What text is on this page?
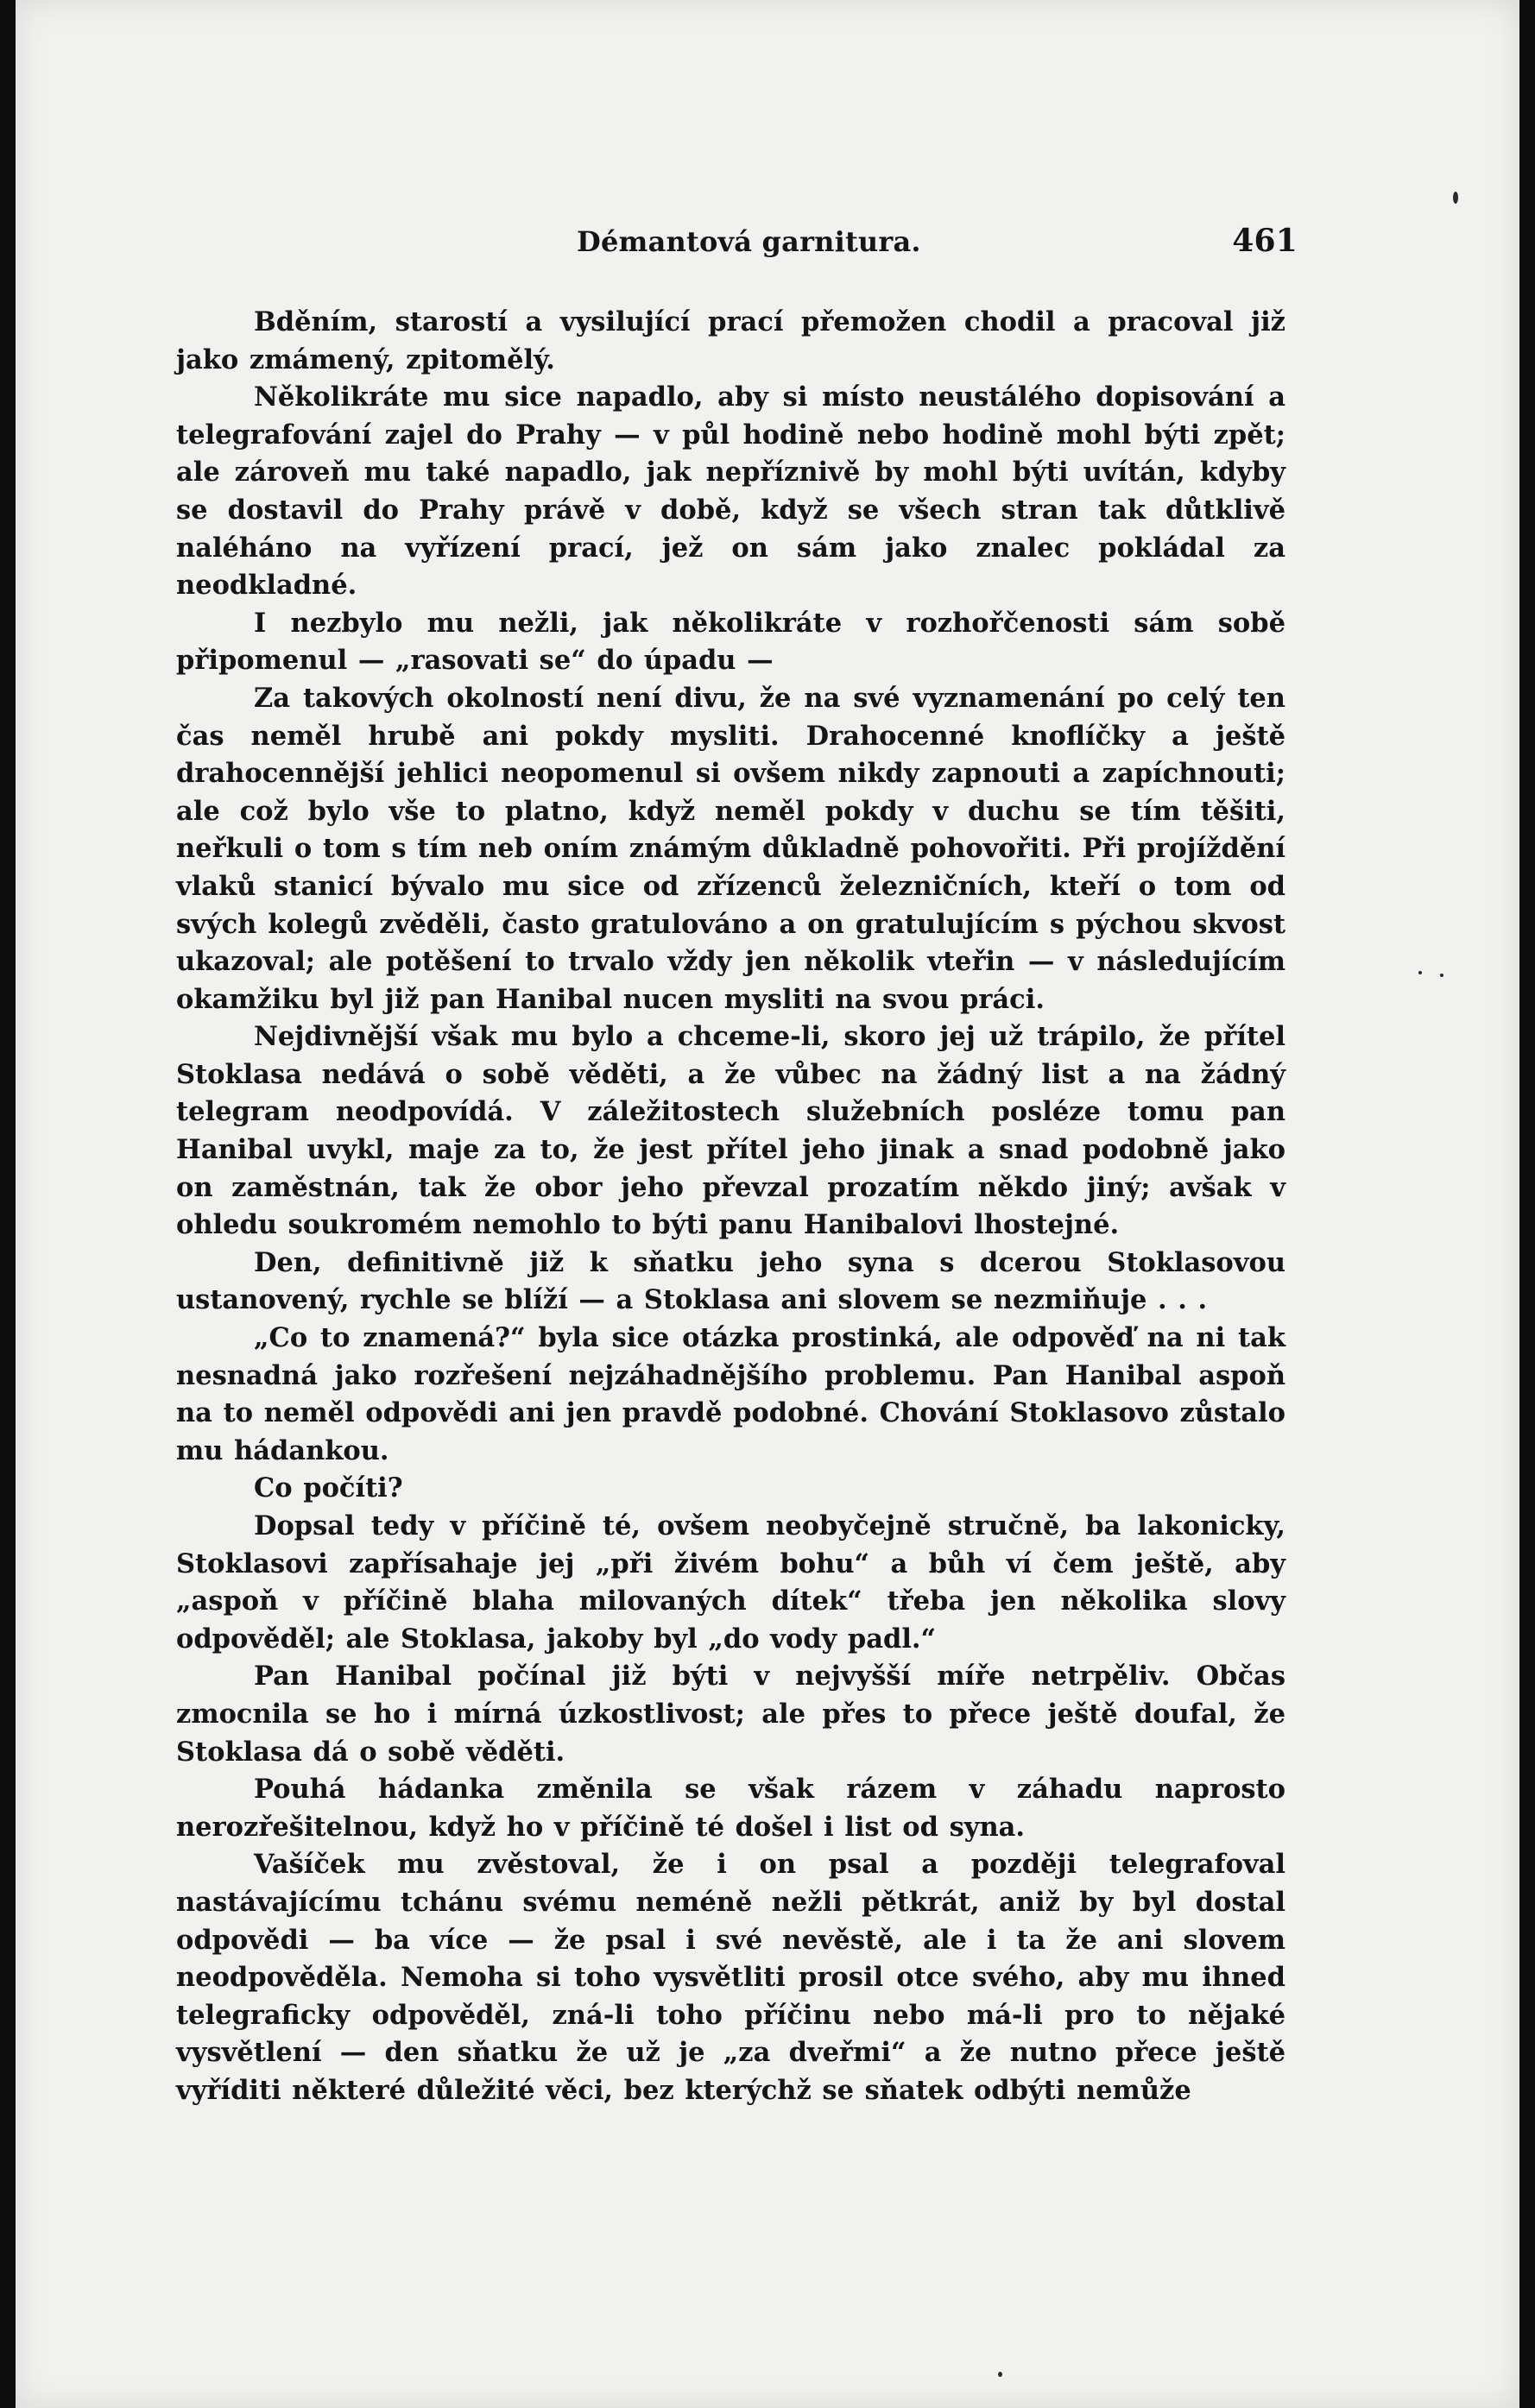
Démantová garnitura.	461

Bděním, starostí a vysilující prací přemožen chodil a pracoval již jako zmámený, zpitomělý.

Několikráte mu sice napadlo, aby si místo neustálého dopisování a telegrafování zajel do Prahy — v půl hodině nebo hodině mohl býti zpět; ale zároveň mu také napadlo, jak nepříznivě by mohl býti uvítán, kdyby se dostavil do Prahy právě v době, když se všech stran tak důtklivě naléháno na vyřízení prací, jež on sám jako znalec pokládal za neodkladné.

I nezbylo mu nežli, jak několikráte v rozhořčenosti sám sobě připomenul — „rasovati se“ do úpadu —

Za takových okolností není divu, že na své vyznamenání po celý ten čas neměl hrubě ani pokdy mysliti. Drahocenné knoflíčky a ještě drahocennější jehlici neopomenul si ovšem nikdy zapnouti a zapíchnouti; ale což bylo vše to platno, když neměl pokdy v duchu se tím těšiti, neřkuli o tom s tím neb oním známým důkladně pohovořiti. Při projíždění vlaků stanicí bývalo mu sice od zřízenců železničních, kteří o tom od svých kolegů zvěděli, často gratulováno a on gratulujícím s pýchou skvost ukazoval; ale potěšení to trvalo vždy jen několik vteřin — v následujícím okamžiku byl již pan Hanibal nucen mysliti na svou práci.

Nejdivnější však mu bylo a chceme-li, skoro jej už trápilo, že přítel Stoklasa nedává o sobě věděti, a že vůbec na žádný list a na žádný telegram neodpovídá. V záležitostech služebních posléze tomu pan Hanibal uvykl, maje za to, že jest přítel jeho jinak a snad podobně jako on zaměstnán, tak že obor jeho převzal prozatím někdo jiný; avšak v ohledu soukromém nemohlo to býti panu Hanibalovi lhostejné.

Den, definitivně již k sňatku jeho syna s dcerou Stoklasovou ustanovený, rychle se blíží — a Stoklasa ani slovem se nezmiňuje . . .

„Co to znamená?“ byla sice otázka prostinká, ale odpověď na ni tak nesnadná jako rozřešení nejzáhadnějšího problemu. Pan Hanibal aspoň na to neměl odpovědi ani jen pravdě podobné. Chování Stoklasovo zůstalo mu hádankou.

Co počíti?

Dopsal tedy v příčině té, ovšem neobyčejně stručně, ba lakonicky, Stoklasovi zapřísahaje jej „při živém bohu“ a bůh ví čem ještě, aby „aspoň v příčině blaha milovaných dítek“ třeba jen několika slovy odpověděl; ale Stoklasa, jakoby byl „do vody padl.“

Pan Hanibal počínal již býti v nejvyšší míře netrpěliv. Občas zmocnila se ho i mírná úzkostlivost; ale přes to přece ještě doufal, že Stoklasa dá o sobě věděti.

Pouhá hádanka změnila se však rázem v záhadu naprosto nerozřešitelnou, když ho v příčině té došel i list od syna.

Vašíček mu zvěstoval, že i on psal a později telegrafoval nastávajícímu tchánu svému neméně nežli pětkrát, aniž by byl dostal odpovědi — ba více — že psal i své nevěstě, ale i ta že ani slovem neodpověděla. Nemoha si toho vysvětliti prosil otce svého, aby mu ihned telegraficky odpověděl, zná-li toho příčinu nebo má-li pro to nějaké vysvětlení — den sňatku že už je „za dveřmi“ a že nutno přece ještě vyříditi některé důležité věci, bez kterýchž se sňatek odbýti nemůže
